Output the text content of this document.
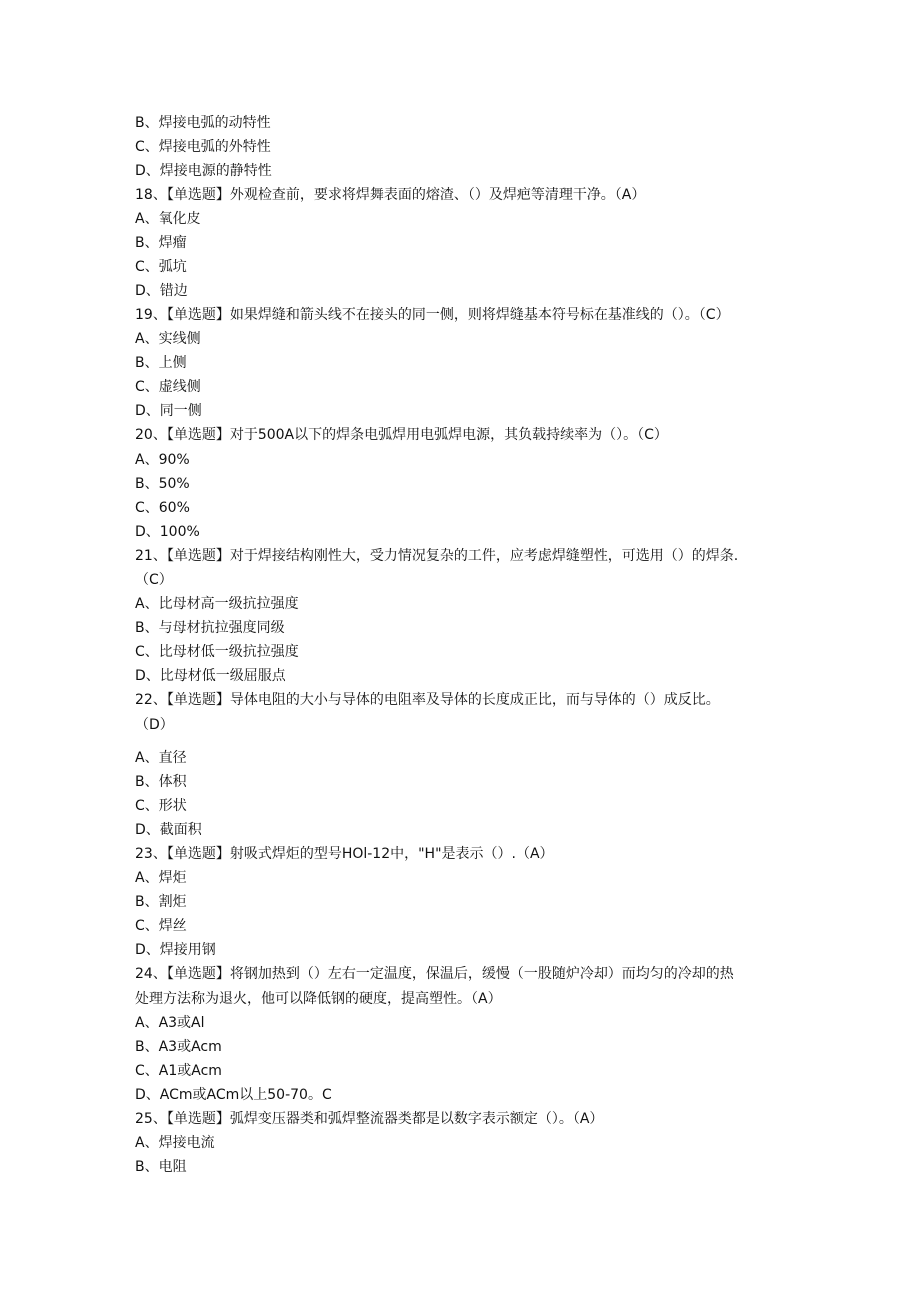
B、焊接电弧的动特性
C、焊接电弧的外特性
D、焊接电源的静特性
18、【单选题】外观检查前，要求将焊舞表面的熔渣、（）及焊疤等清理干净。（A）
A、氧化皮
B、焊瘤
C、弧坑
D、错边
19、【单选题】如果焊缝和箭头线不在接头的同一侧，则将焊缝基本符号标在基准线的（）。（C）
A、实线侧
B、上侧
C、虚线侧
D、同一侧
20、【单选题】对于500A以下的焊条电弧焊用电弧焊电源，其负载持续率为（）。（C）
A、90%
B、50%
C、60%
D、100%
21、【单选题】对于焊接结构刚性大，受力情况复杂的工件，应考虑焊缝塑性，可选用（）的焊条.
（C）
A、比母材高一级抗拉强度
B、与母材抗拉强度同级
C、比母材低一级抗拉强度
D、比母材低一级屈服点
22、【单选题】导体电阻的大小与导体的电阻率及导体的长度成正比，而与导体的（）成反比。
（D）
A、直径
B、体积
C、形状
D、截面积
23、【单选题】射吸式焊炬的型号HOl-12中，"H"是表示（）.（A）
A、焊炬
B、割炬
C、焊丝
D、焊接用钢
24、【单选题】将钢加热到（）左右一定温度，保温后，缓慢（一股随炉冷却）而均匀的冷却的热
处理方法称为退火，他可以降低钢的硬度，提高塑性。（A）
A、A3或Al
B、A3或Acm
C、A1或Acm
D、ACm或ACm以上50-70。C
25、【单选题】弧焊变压器类和弧焊整流器类都是以数字表示额定（）。（A）
A、焊接电流
B、电阻
